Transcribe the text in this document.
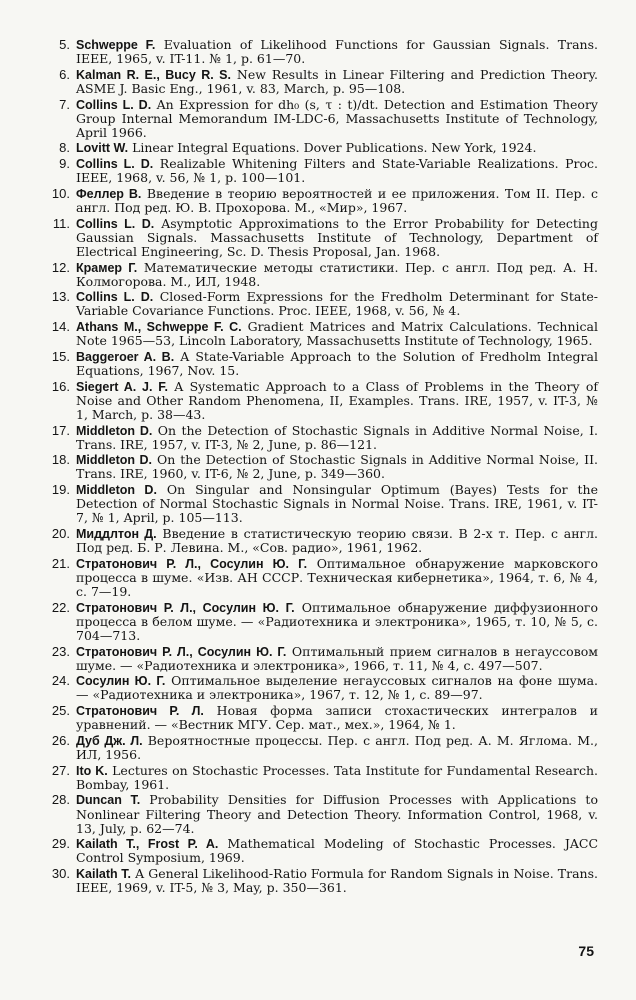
5. Schweppe F. Evaluation of Likelihood Functions for Gaussian Signals. Trans. IEEE, 1965, v. IT-11. № 1, p. 61—70.
6. Kalman R. E., Bucy R. S. New Results in Linear Filtering and Prediction Theory. ASME J. Basic Eng., 1961, v. 83, March, p. 95—108.
7. Collins L. D. An Expression for dh₀ (s, τ : t)/dt. Detection and Estimation Theory Group Internal Memorandum IM-LDC-6, Massachusetts Institute of Technology, April 1966.
8. Lovitt W. Linear Integral Equations. Dover Publications. New York, 1924.
9. Collins L. D. Realizable Whitening Filters and State-Variable Realizations. Proc. IEEE, 1968, v. 56, № 1, p. 100—101.
10. Феллер В. Введение в теорию вероятностей и ее приложения. Том II. Пер. с англ. Под ред. Ю. В. Прохорова. М., «Мир», 1967.
11. Collins L. D. Asymptotic Approximations to the Error Probability for Detecting Gaussian Signals. Massachusetts Institute of Technology, Department of Electrical Engineering, Sc. D. Thesis Proposal, Jan. 1968.
12. Крамер Г. Математические методы статистики. Пер. с англ. Под ред. А. Н. Колмогорова. М., ИЛ, 1948.
13. Collins L. D. Closed-Form Expressions for the Fredholm Determinant for State-Variable Covariance Functions. Proc. IEEE, 1968, v. 56, № 4.
14. Athans M., Schweppe F. C. Gradient Matrices and Matrix Calculations. Technical Note 1965—53, Lincoln Laboratory, Massachusetts Institute of Technology, 1965.
15. Baggeroer A. B. A State-Variable Approach to the Solution of Fredholm Integral Equations, 1967, Nov. 15.
16. Siegert A. J. F. A Systematic Approach to a Class of Problems in the Theory of Noise and Other Random Phenomena, II, Examples. Trans. IRE, 1957, v. IT-3, № 1, March, p. 38—43.
17. Middleton D. On the Detection of Stochastic Signals in Additive Normal Noise, I. Trans. IRE, 1957, v. IT-3, № 2, June, p. 86—121.
18. Middleton D. On the Detection of Stochastic Signals in Additive Normal Noise, II. Trans. IRE, 1960, v. IT-6, № 2, June, p. 349—360.
19. Middleton D. On Singular and Nonsingular Optimum (Bayes) Tests for the Detection of Normal Stochastic Signals in Normal Noise. Trans. IRE, 1961, v. IT-7, № 1, April, p. 105—113.
20. Миддлтон Д. Введение в статистическую теорию связи. В 2-х т. Пер. с англ. Под ред. Б. Р. Левина. М., «Сов. радио», 1961, 1962.
21. Стратонович Р. Л., Сосулин Ю. Г. Оптимальное обнаружение марковского процесса в шуме. «Изв. АН СССР. Техническая кибернетика», 1964, т. 6, № 4, с. 7—19.
22. Стратонович Р. Л., Сосулин Ю. Г. Оптимальное обнаружение диффузионного процесса в белом шуме. — «Радиотехника и электроника», 1965, т. 10, № 5, с. 704—713.
23. Стратонович Р. Л., Сосулин Ю. Г. Оптимальный прием сигналов в негауссовом шуме. — «Радиотехника и электроника», 1966, т. 11, № 4, с. 497—507.
24. Сосулин Ю. Г. Оптимальное выделение негауссовых сигналов на фоне шума. — «Радиотехника и электроника», 1967, т. 12, № 1, с. 89—97.
25. Стратонович Р. Л. Новая форма записи стохастических интегралов и уравнений. — «Вестник МГУ. Сер. мат., мех.», 1964, № 1.
26. Дуб Дж. Л. Вероятностные процессы. Пер. с англ. Под ред. А. М. Яглома. М., ИЛ, 1956.
27. Ito K. Lectures on Stochastic Processes. Tata Institute for Fundamental Research. Bombay, 1961.
28. Duncan T. Probability Densities for Diffusion Processes with Applications to Nonlinear Filtering Theory and Detection Theory. Information Control, 1968, v. 13, July, p. 62—74.
29. Kailath T., Frost P. A. Mathematical Modeling of Stochastic Processes. JACC Control Symposium, 1969.
30. Kailath T. A General Likelihood-Ratio Formula for Random Signals in Noise. Trans. IEEE, 1969, v. IT-5, № 3, May, p. 350—361.
75
